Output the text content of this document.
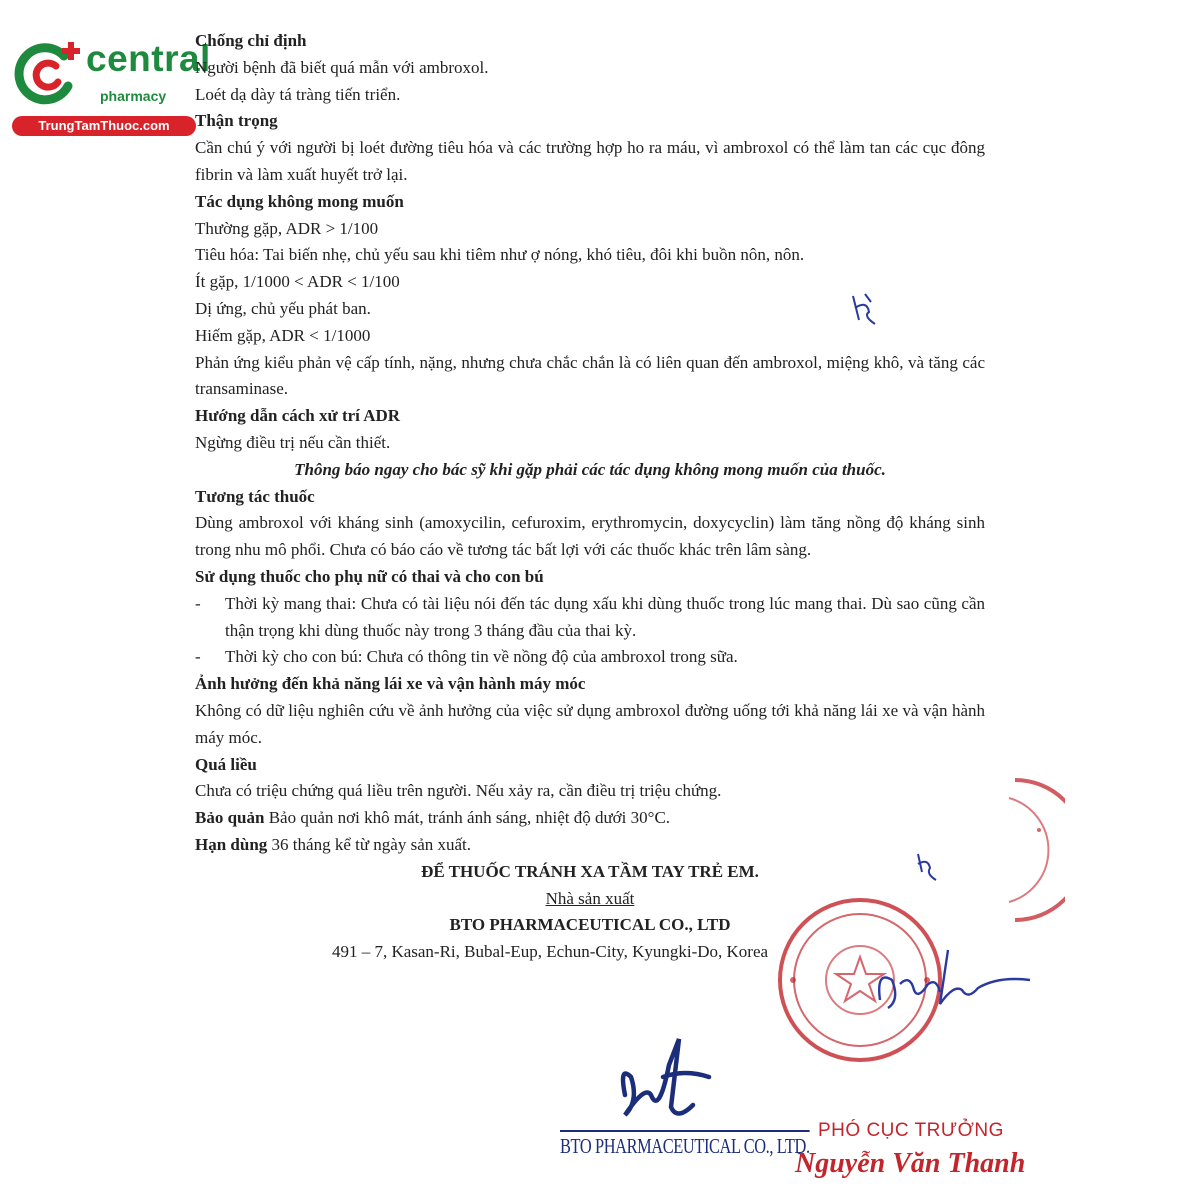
central
pharmacy
TrungTamThuoc.com

Chống chỉ định

Người bệnh đã biết quá mẫn với ambroxol.

Loét dạ dày tá tràng tiến triển.

Thận trọng

Cần chú ý với người bị loét đường tiêu hóa và các trường hợp ho ra máu, vì ambroxol có thể làm tan các cục đông fibrin và làm xuất huyết trở lại.

Tác dụng không mong muốn

Thường gặp, ADR > 1/100

Tiêu hóa: Tai biến nhẹ, chủ yếu sau khi tiêm như ợ nóng, khó tiêu, đôi khi buồn nôn, nôn.

Ít gặp, 1/1000 < ADR < 1/100

Dị ứng, chủ yếu phát ban.

Hiếm gặp, ADR < 1/1000

Phản ứng kiểu phản vệ cấp tính, nặng, nhưng chưa chắc chắn là có liên quan đến ambroxol, miệng khô, và tăng các transaminase.

Hướng dẫn cách xử trí ADR

Ngừng điều trị nếu cần thiết.

Thông báo ngay cho bác sỹ khi gặp phải các tác dụng không mong muốn của thuốc.

Tương tác thuốc

Dùng ambroxol với kháng sinh (amoxycilin, cefuroxim, erythromycin, doxycyclin) làm tăng nồng độ kháng sinh trong nhu mô phổi. Chưa có báo cáo về tương tác bất lợi với các thuốc khác trên lâm sàng.

Sử dụng thuốc cho phụ nữ có thai và cho con bú

-	Thời kỳ mang thai: Chưa có tài liệu nói đến tác dụng xấu khi dùng thuốc trong lúc mang thai. Dù sao cũng cần thận trọng khi dùng thuốc này trong 3 tháng đầu của thai kỳ.
-	Thời kỳ cho con bú: Chưa có thông tin về nồng độ của ambroxol trong sữa.

Ảnh hưởng đến khả năng lái xe và vận hành máy móc

Không có dữ liệu nghiên cứu về ảnh hưởng của việc sử dụng ambroxol đường uống tới khả năng lái xe và vận hành máy móc.

Quá liều

Chưa có triệu chứng quá liều trên người. Nếu xảy ra, cần điều trị triệu chứng.

Bảo quản Bảo quản nơi khô mát, tránh ánh sáng, nhiệt độ dưới 30°C.

Hạn dùng 36 tháng kể từ ngày sản xuất.

ĐỂ THUỐC TRÁNH XA TẦM TAY TRẺ EM.

Nhà sản xuất

BTO PHARMACEUTICAL CO., LTD

491 – 7, Kasan-Ri, Bubal-Eup, Echun-City, Kyungki-Do, Korea

BTO PHARMACEUTICAL CO., LTD.
PHÓ CỤC TRƯỞNG
Nguyễn Văn Thanh
